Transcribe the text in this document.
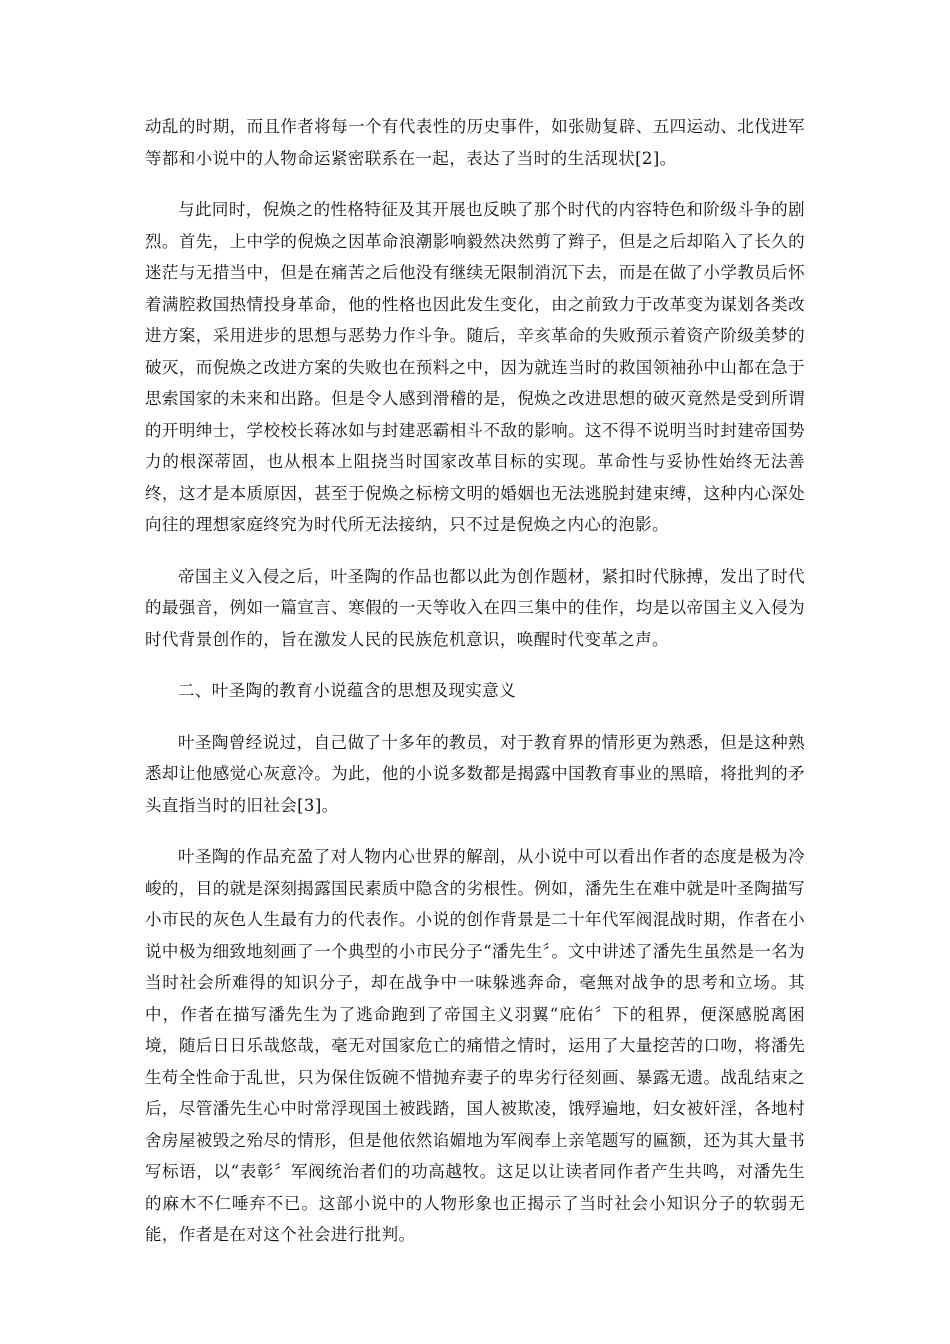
动乱的时期，而且作者将每一个有代表性的历史事件，如张勋复辟、五四运动、北伐进军等都和小说中的人物命运紧密联系在一起，表达了当时的生活现状[2]。

与此同时，倪焕之的性格特征及其开展也反映了那个时代的内容特色和阶级斗争的剧烈。首先，上中学的倪焕之因革命浪潮影响毅然决然剪了辫子，但是之后却陷入了长久的迷茫与无措当中，但是在痛苦之后他没有继续无限制消沉下去，而是在做了小学教员后怀着满腔救国热情投身革命，他的性格也因此发生变化，由之前致力于改革变为谋划各类改进方案，采用进步的思想与恶势力作斗争。随后，辛亥革命的失败预示着资产阶级美梦的破灭，而倪焕之改进方案的失败也在预料之中，因为就连当时的救国领袖孙中山都在急于思索国家的未来和出路。但是令人感到滑稽的是，倪焕之改进思想的破灭竟然是受到所谓的开明绅士，学校校长蒋冰如与封建恶霸相斗不敌的影响。这不得不说明当时封建帝国势力的根深蒂固，也从根本上阻挠当时国家改革目标的实现。革命性与妥协性始终无法善终，这才是本质原因，甚至于倪焕之标榜文明的婚姻也无法逃脱封建束缚，这种内心深处向往的理想家庭终究为时代所无法接纳，只不过是倪焕之内心的泡影。

帝国主义入侵之后，叶圣陶的作品也都以此为创作题材，紧扣时代脉搏，发出了时代的最强音，例如一篇宣言、寒假的一天等收入在四三集中的佳作，均是以帝国主义入侵为时代背景创作的，旨在激发人民的民族危机意识，唤醒时代变革之声。

二、叶圣陶的教育小说蕴含的思想及现实意义

叶圣陶曾经说过，自己做了十多年的教员，对于教育界的情形更为熟悉，但是这种熟悉却让他感觉心灰意冷。为此，他的小说多数都是揭露中国教育事业的黑暗，将批判的矛头直指当时的旧社会[3]。

叶圣陶的作品充盈了对人物内心世界的解剖，从小说中可以看出作者的态度是极为冷峻的，目的就是深刻揭露国民素质中隐含的劣根性。例如，潘先生在难中就是叶圣陶描写小市民的灰色人生最有力的代表作。小说的创作背景是二十年代军阀混战时期，作者在小说中极为细致地刻画了一个典型的小市民分子“潘先生〞。文中讲述了潘先生虽然是一名为当时社会所难得的知识分子，却在战争中一味躲逃奔命，毫無对战争的思考和立场。其中，作者在描写潘先生为了逃命跑到了帝国主义羽翼“庇佑〞下的租界，便深感脱离困境，随后日日乐哉悠哉，毫无对国家危亡的痛惜之情时，运用了大量挖苦的口吻，将潘先生苟全性命于乱世，只为保住饭碗不惜抛弃妻子的卑劣行径刻画、暴露无遗。战乱结束之后，尽管潘先生心中时常浮现国土被践踏，国人被欺凌，饿殍遍地，妇女被奸淫，各地村舍房屋被毁之殆尽的情形，但是他依然谄媚地为军阀奉上亲笔题写的匾额，还为其大量书写标语，以“表彰〞军阀统治者们的功高越牧。这足以让读者同作者产生共鸣，对潘先生的麻木不仁唾弃不已。这部小说中的人物形象也正揭示了当时社会小知识分子的软弱无能，作者是在对这个社会进行批判。
